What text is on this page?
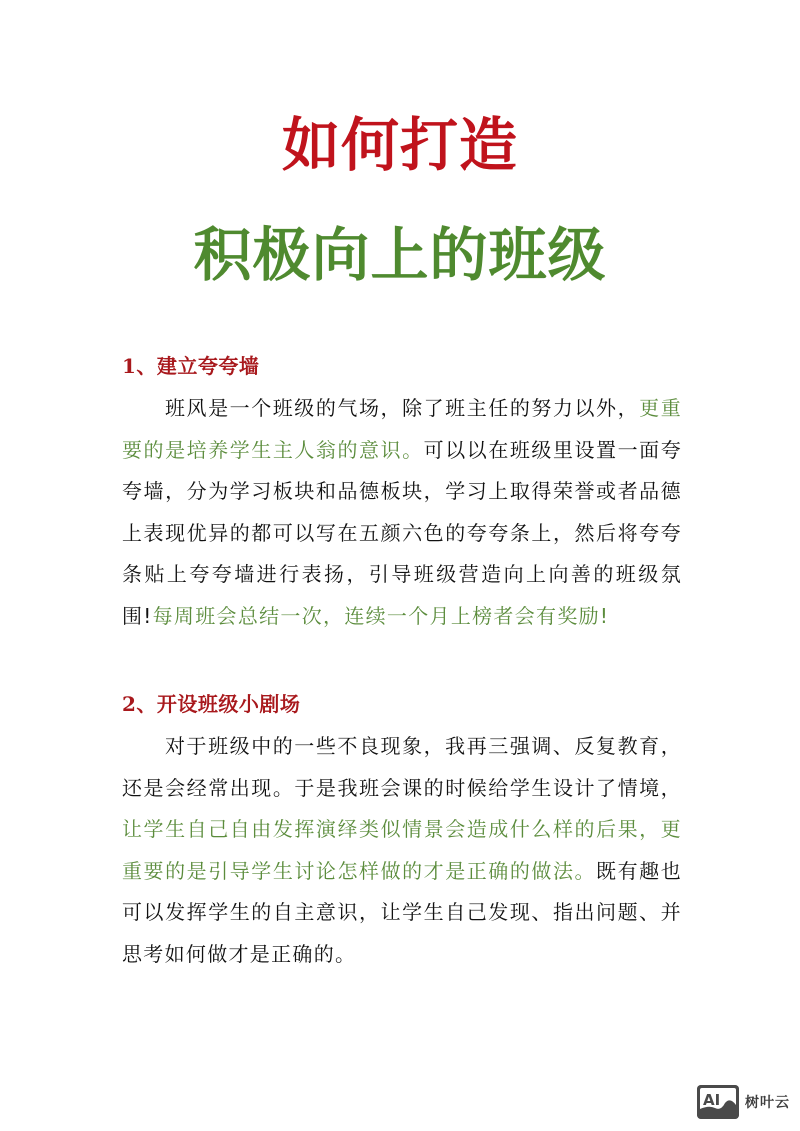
如何打造
积极向上的班级
1、建立夸夸墙

班风是一个班级的气场，除了班主任的努力以外，更重要的是培养学生主人翁的意识。可以以在班级里设置一面夸夸墙，分为学习板块和品德板块，学习上取得荣誉或者品德上表现优异的都可以写在五颜六色的夸夸条上，然后将夸夸条贴上夸夸墙进行表扬，引导班级营造向上向善的班级氛围!每周班会总结一次，连续一个月上榜者会有奖励!

2、开设班级小剧场

对于班级中的一些不良现象，我再三强调、反复教育，还是会经常出现。于是我班会课的时候给学生设计了情境，让学生自己自由发挥演绎类似情景会造成什么样的后果，更重要的是引导学生讨论怎样做的才是正确的做法。既有趣也可以发挥学生的自主意识，让学生自己发现、指出问题、并思考如何做才是正确的。

AI 树叶云
